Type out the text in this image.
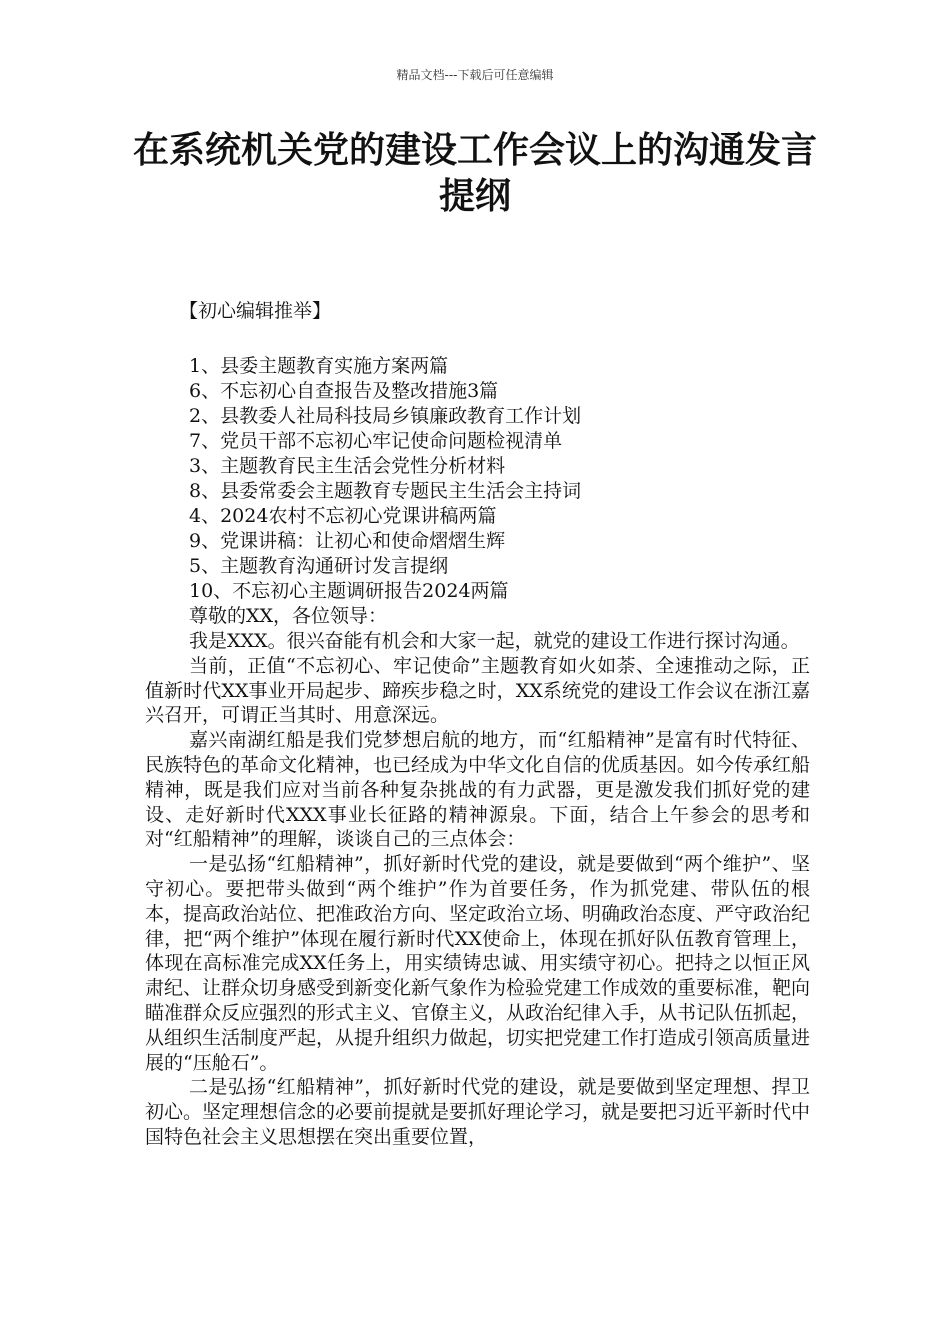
精品文档---下载后可任意编辑
在系统机关党的建设工作会议上的沟通发言提纲
【初心编辑推举】
1、县委主题教育实施方案两篇
6、不忘初心自查报告及整改措施3篇
2、县教委人社局科技局乡镇廉政教育工作计划
7、党员干部不忘初心牢记使命问题检视清单
3、主题教育民主生活会党性分析材料
8、县委常委会主题教育专题民主生活会主持词
4、2024农村不忘初心党课讲稿两篇
9、党课讲稿：让初心和使命熠熠生辉
5、主题教育沟通研讨发言提纲
10、不忘初心主题调研报告2024两篇

尊敬的XX，各位领导：

我是XXX。很兴奋能有机会和大家一起，就党的建设工作进行探讨沟通。

当前，正值“不忘初心、牢记使命”主题教育如火如荼、全速推动之际，正值新时代XX事业开局起步、蹄疾步稳之时，XX系统党的建设工作会议在浙江嘉兴召开，可谓正当其时、用意深远。

嘉兴南湖红船是我们党梦想启航的地方，而“红船精神”是富有时代特征、民族特色的革命文化精神，也已经成为中华文化自信的优质基因。如今传承红船精神，既是我们应对当前各种复杂挑战的有力武器，更是激发我们抓好党的建设、走好新时代XXX事业长征路的精神源泉。下面，结合上午参会的思考和对“红船精神”的理解，谈谈自己的三点体会：

一是弘扬“红船精神”，抓好新时代党的建设，就是要做到“两个维护”、坚守初心。要把带头做到“两个维护”作为首要任务，作为抓党建、带队伍的根本，提高政治站位、把准政治方向、坚定政治立场、明确政治态度、严守政治纪律，把“两个维护”体现在履行新时代XX使命上，体现在抓好队伍教育管理上，体现在高标准完成XX任务上，用实绩铸忠诚、用实绩守初心。把持之以恒正风肃纪、让群众切身感受到新变化新气象作为检验党建工作成效的重要标准，靶向瞄准群众反应强烈的形式主义、官僚主义，从政治纪律入手，从书记队伍抓起，从组织生活制度严起，从提升组织力做起，切实把党建工作打造成引领高质量进展的“压舱石”。

二是弘扬“红船精神”，抓好新时代党的建设，就是要做到坚定理想、捍卫初心。坚定理想信念的必要前提就是要抓好理论学习，就是要把习近平新时代中国特色社会主义思想摆在突出重要位置，
